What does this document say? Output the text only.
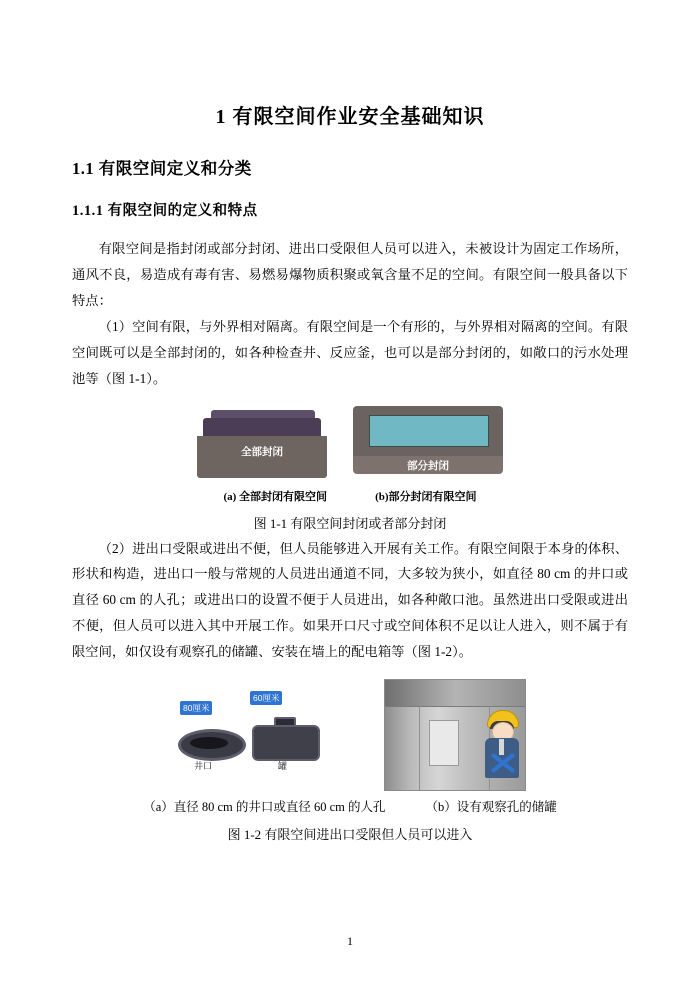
1 有限空间作业安全基础知识
1.1 有限空间定义和分类
1.1.1 有限空间的定义和特点

有限空间是指封闭或部分封闭、进出口受限但人员可以进入，未被设计为固定工作场所，通风不良，易造成有毒有害、易燃易爆物质积聚或氧含量不足的空间。有限空间一般具备以下特点：

（1）空间有限，与外界相对隔离。有限空间是一个有形的，与外界相对隔离的空间。有限空间既可以是全部封闭的，如各种检查井、反应釜，也可以是部分封闭的，如敞口的污水处理池等（图 1-1）。

全部封闭
部分封闭
(a) 全部封闭有限空间	(b)部分封闭有限空间
图 1-1 有限空间封闭或者部分封闭

（2）进出口受限或进出不便，但人员能够进入开展有关工作。有限空间限于本身的体积、形状和构造，进出口一般与常规的人员进出通道不同，大多较为狭小，如直径 80 cm 的井口或直径 60 cm 的人孔；或进出口的设置不便于人员进出，如各种敞口池。虽然进出口受限或进出不便，但人员可以进入其中开展工作。如果开口尺寸或空间体积不足以让人进入，则不属于有限空间，如仅设有观察孔的储罐、安装在墙上的配电箱等（图 1-2）。

80厘米
60厘米
井口	罐
（a）直径 80 cm 的井口或直径 60 cm 的人孔	（b）设有观察孔的储罐
图 1-2 有限空间进出口受限但人员可以进入
1
